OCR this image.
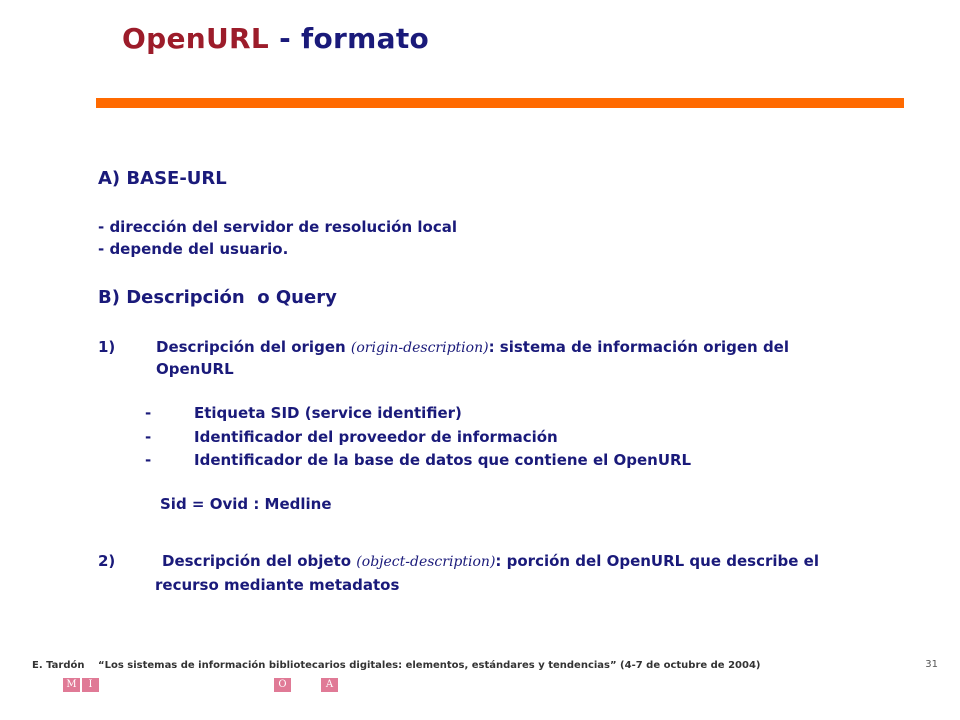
OpenURL - formato
A) BASE-URL

- dirección del servidor de resolución local

- depende del usuario.

B) Descripción  o Query
1)	Descripción del origen (origin-description): sistema de información origen del

OpenURL

-	Etiqueta SID (service identifier)

-	Identificador del proveedor de información

-	Identificador de la base de datos que contiene el OpenURL

Sid = Ovid : Medline

2)	Descripción del objeto (object-description): porción del OpenURL que describe el

recurso mediante metadatos

E. Tardón “Los sistemas de información bibliotecarios digitales: elementos, estándares y tendencias” (4-7 de octubre de 2004)	31
M	I	O	A
